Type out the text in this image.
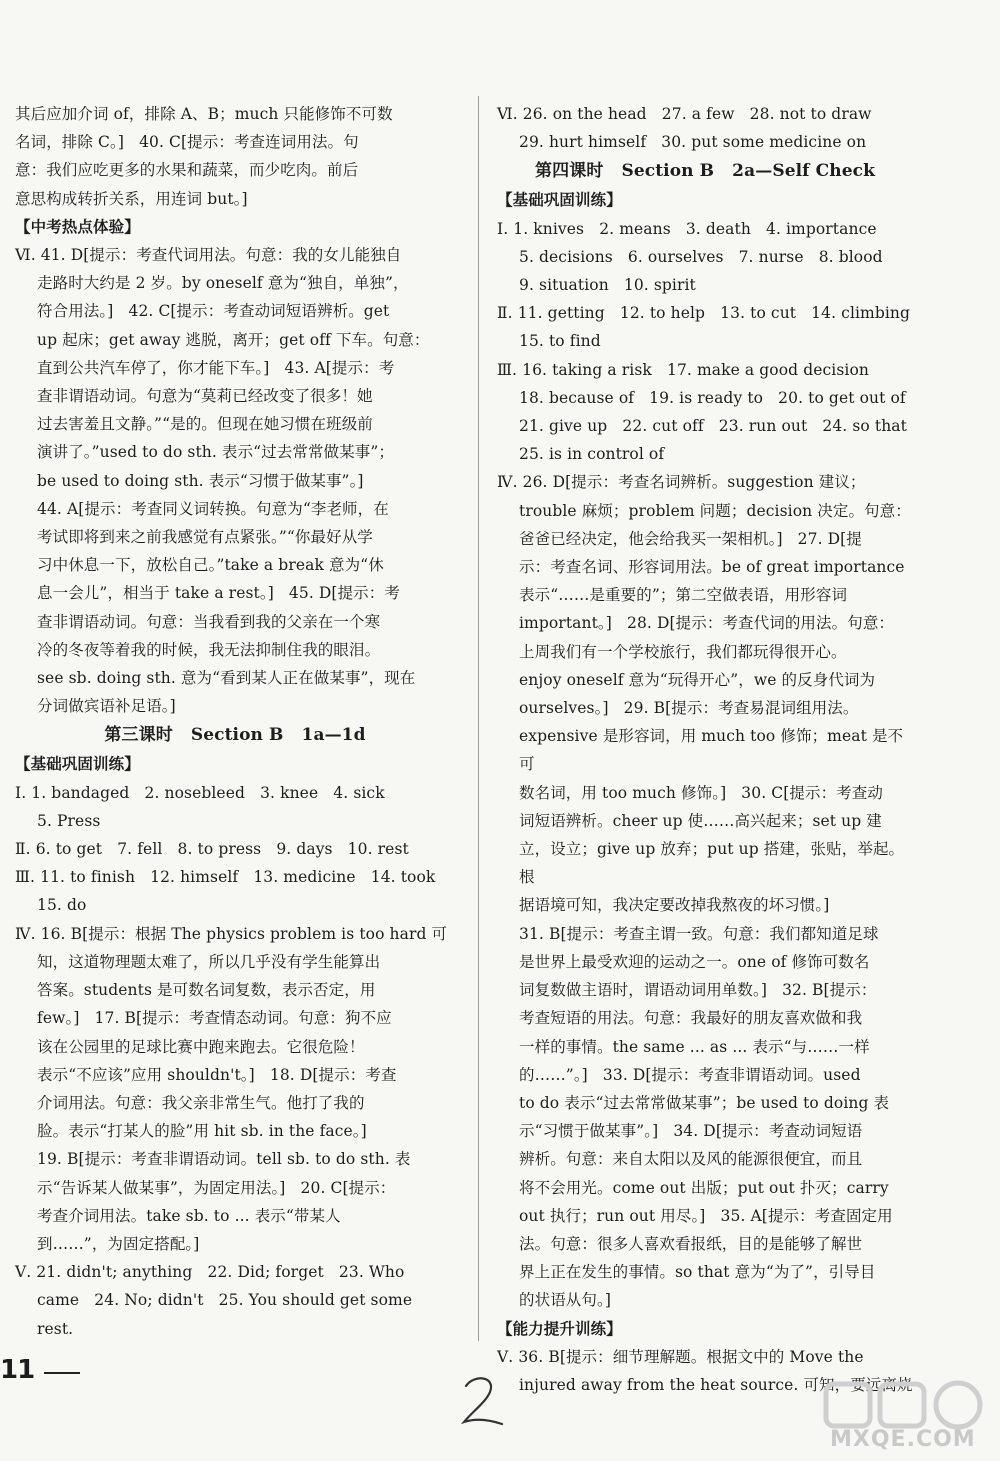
其后应加介词 of，排除 A、B；much 只能修饰不可数

名词，排除 C。]   40. C[提示：考查连词用法。句

意：我们应吃更多的水果和蔬菜，而少吃肉。前后

意思构成转折关系，用连词 but。]

【 中考热点体验 】

Ⅵ. 41. D[提示：考查代词用法。句意：我的女儿能独自

走路时大约是 2 岁。by oneself 意为“独自，单独”，

符合用法。]   42. C[提示：考查动词短语辨析。get

up 起床；get away 逃脱，离开；get off 下车。句意：

直到公共汽车停了，你才能下车。]   43. A[提示：考

查非谓语动词。句意为“莫莉已经改变了很多！她

过去害羞且文静。”“是的。但现在她习惯在班级前

演讲了。”used to do sth. 表示“过去常常做某事”；

be used to doing sth. 表示“习惯于做某事”。]

44. A[提示：考查同义词转换。句意为“李老师，在

考试即将到来之前我感觉有点紧张。”“你最好从学

习中休息一下，放松自己。”take a break 意为“休

息一会儿”，相当于 take a rest。]   45. D[提示：考

查非谓语动词。句意：当我看到我的父亲在一个寒

冷的冬夜等着我的时候，我无法抑制住我的眼泪。

see sb. doing sth. 意为“看到某人正在做某事”，现在

分词做宾语补足语。]

第三课时   Section B   1a—1d

【 基础巩固训练 】

Ⅰ. 1. bandaged   2. nosebleed   3. knee   4. sick

5. Press

Ⅱ. 6. to get   7. fell   8. to press   9. days   10. rest

Ⅲ. 11. to finish   12. himself   13. medicine   14. took

15. do

Ⅳ. 16. B[提示：根据 The physics problem is too hard 可

知，这道物理题太难了，所以几乎没有学生能算出

答案。students 是可数名词复数，表示否定，用

few。]   17. B[提示：考查情态动词。句意：狗不应

该在公园里的足球比赛中跑来跑去。它很危险！

表示“不应该”应用 shouldn't。]   18. D[提示：考查

介词用法。句意：我父亲非常生气。他打了我的

脸。表示“打某人的脸”用 hit sb. in the face。]

19. B[提示：考查非谓语动词。tell sb. to do sth. 表

示“告诉某人做某事”，为固定用法。]   20. C[提示：

考查介词用法。take sb. to ... 表示“带某人

到……”，为固定搭配。]

Ⅴ. 21. didn't; anything   22. Did; forget   23. Who

came   24. No; didn't   25. You should get some

rest.

Ⅵ. 26. on the head   27. a few   28. not to draw

29. hurt himself   30. put some medicine on

第四课时   Section B   2a—Self Check

【 基础巩固训练 】

Ⅰ. 1. knives   2. means   3. death   4. importance

5. decisions   6. ourselves   7. nurse   8. blood

9. situation   10. spirit

Ⅱ. 11. getting   12. to help   13. to cut   14. climbing

15. to find

Ⅲ. 16. taking a risk   17. make a good decision

18. because of   19. is ready to   20. to get out of

21. give up   22. cut off   23. run out   24. so that

25. is in control of

Ⅳ. 26. D[提示：考查名词辨析。suggestion 建议；

trouble 麻烦；problem 问题；decision 决定。句意：

爸爸已经决定，他会给我买一架相机。]   27. D[提

示：考查名词、形容词用法。be of great importance

表示“……是重要的”；第二空做表语，用形容词

important。]   28. D[提示：考查代词的用法。句意：

上周我们有一个学校旅行，我们都玩得很开心。

enjoy oneself 意为“玩得开心”，we 的反身代词为

ourselves。]   29. B[提示：考查易混词组用法。

expensive 是形容词，用 much too 修饰；meat 是不可

数名词，用 too much 修饰。]   30. C[提示：考查动

词短语辨析。cheer up 使……高兴起来；set up 建

立，设立；give up 放弃；put up 搭建，张贴，举起。根

据语境可知，我决定要改掉我熬夜的坏习惯。]

31. B[提示：考查主谓一致。句意：我们都知道足球

是世界上最受欢迎的运动之一。one of 修饰可数名

词复数做主语时，谓语动词用单数。]   32. B[提示：

考查短语的用法。句意：我最好的朋友喜欢做和我

一样的事情。the same ... as ... 表示“与……一样

的……”。]   33. D[提示：考查非谓语动词。used

to do 表示“过去常常做某事”；be used to doing 表

示“习惯于做某事”。]   34. D[提示：考查动词短语

辨析。句意：来自太阳以及风的能源很便宜，而且

将不会用光。come out 出版；put out 扑灭；carry

out 执行；run out 用尽。]   35. A[提示：考查固定用

法。句意：很多人喜欢看报纸，目的是能够了解世

界上正在发生的事情。so that 意为“为了”，引导目

的状语从句。]

【 能力提升训练 】

Ⅴ. 36. B[提示：细节理解题。根据文中的 Move the

injured away from the heat source. 可知，要远离烧

11
MXQE.COM
